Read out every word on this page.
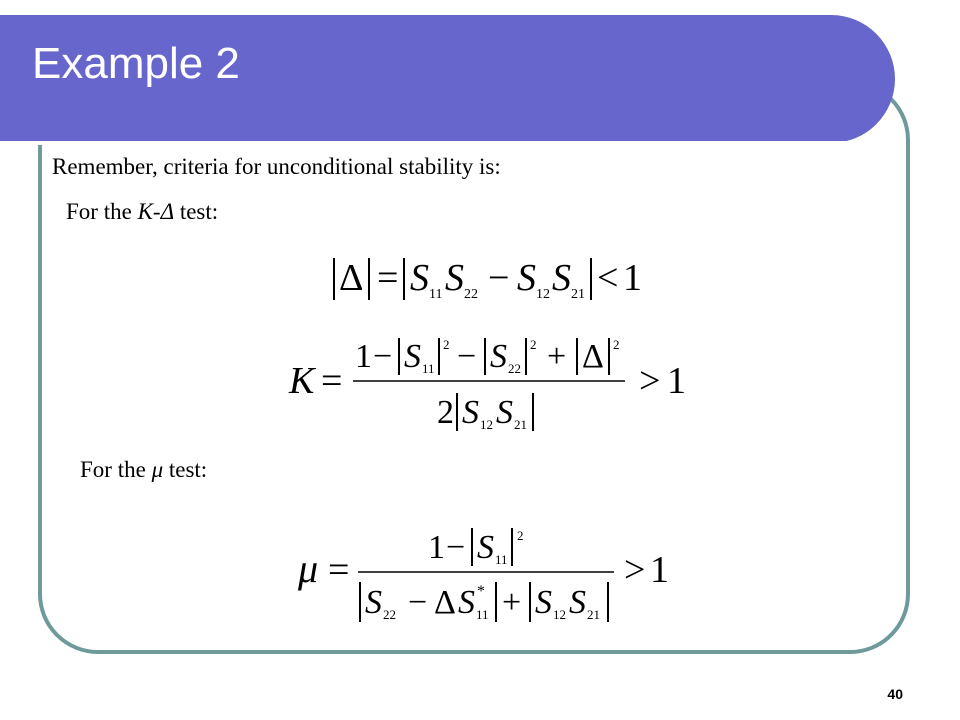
Example 2
Remember, criteria for unconditional stability is:
For the K-Δ test:
Δ = S 11 S 22 − S 12 S 21 < 1
K =
1 − S 11
2 − S 22
2 + Δ 2
2 S 12 S 21
> 1
For the μ test:
μ =
1 − S 11
2
S 22 − Δ S 11
* + S 12 S 21
> 1
40
